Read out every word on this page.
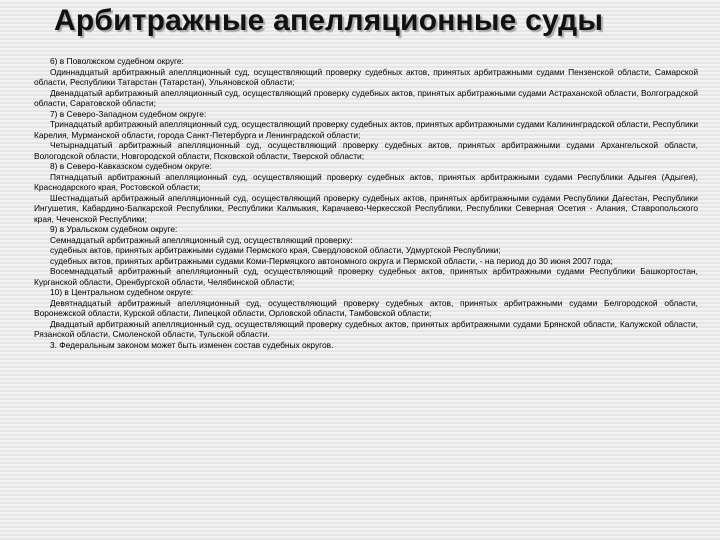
Арбитражные апелляционные суды

6) в Поволжском судебном округе:

Одиннадцатый арбитражный апелляционный суд, осуществляющий проверку судебных актов, принятых арбитражными судами Пензенской области, Самарской области, Республики Татарстан (Татарстан), Ульяновской области;

Двенадцатый арбитражный апелляционный суд, осуществляющий проверку судебных актов, принятых арбитражными судами Астраханской области, Волгоградской области, Саратовской области;

7) в Северо-Западном судебном округе:

Тринадцатый арбитражный апелляционный суд, осуществляющий проверку судебных актов, принятых арбитражными судами Калининградской области, Республики Карелия, Мурманской области, города Санкт-Петербурга и Ленинградской области;

Четырнадцатый арбитражный апелляционный суд, осуществляющий проверку судебных актов, принятых арбитражными судами Архангельской области, Вологодской области, Новгородской области, Псковской области, Тверской области;

8) в Северо-Кавказском судебном округе:

Пятнадцатый арбитражный апелляционный суд, осуществляющий проверку судебных актов, принятых арбитражными судами Республики Адыгея (Адыгея), Краснодарского края, Ростовской области;

Шестнадцатый арбитражный апелляционный суд, осуществляющий проверку судебных актов, принятых арбитражными судами Республики Дагестан, Республики Ингушетия, Кабардино-Балкарской Республики, Республики Калмыкия, Карачаево-Черкесской Республики, Республики Северная Осетия - Алания, Ставропольского края, Чеченской Республики;

9) в Уральском судебном округе:

Семнадцатый арбитражный апелляционный суд, осуществляющий проверку:

судебных актов, принятых арбитражными судами Пермского края, Свердловской области, Удмуртской Республики;

судебных актов, принятых арбитражными судами Коми-Пермяцкого автономного округа и Пермской области, - на период до 30 июня 2007 года;

Восемнадцатый арбитражный апелляционный суд, осуществляющий проверку судебных актов, принятых арбитражными судами Республики Башкортостан, Курганской области, Оренбургской области, Челябинской области;

10) в Центральном судебном округе:

Девятнадцатый арбитражный апелляционный суд, осуществляющий проверку судебных актов, принятых арбитражными судами Белгородской области, Воронежской области, Курской области, Липецкой области, Орловской области, Тамбовской области;

Двадцатый арбитражный апелляционный суд, осуществляющий проверку судебных актов, принятых арбитражными судами Брянской области, Калужской области, Рязанской области, Смоленской области, Тульской области.

3. Федеральным законом может быть изменен состав судебных округов.
